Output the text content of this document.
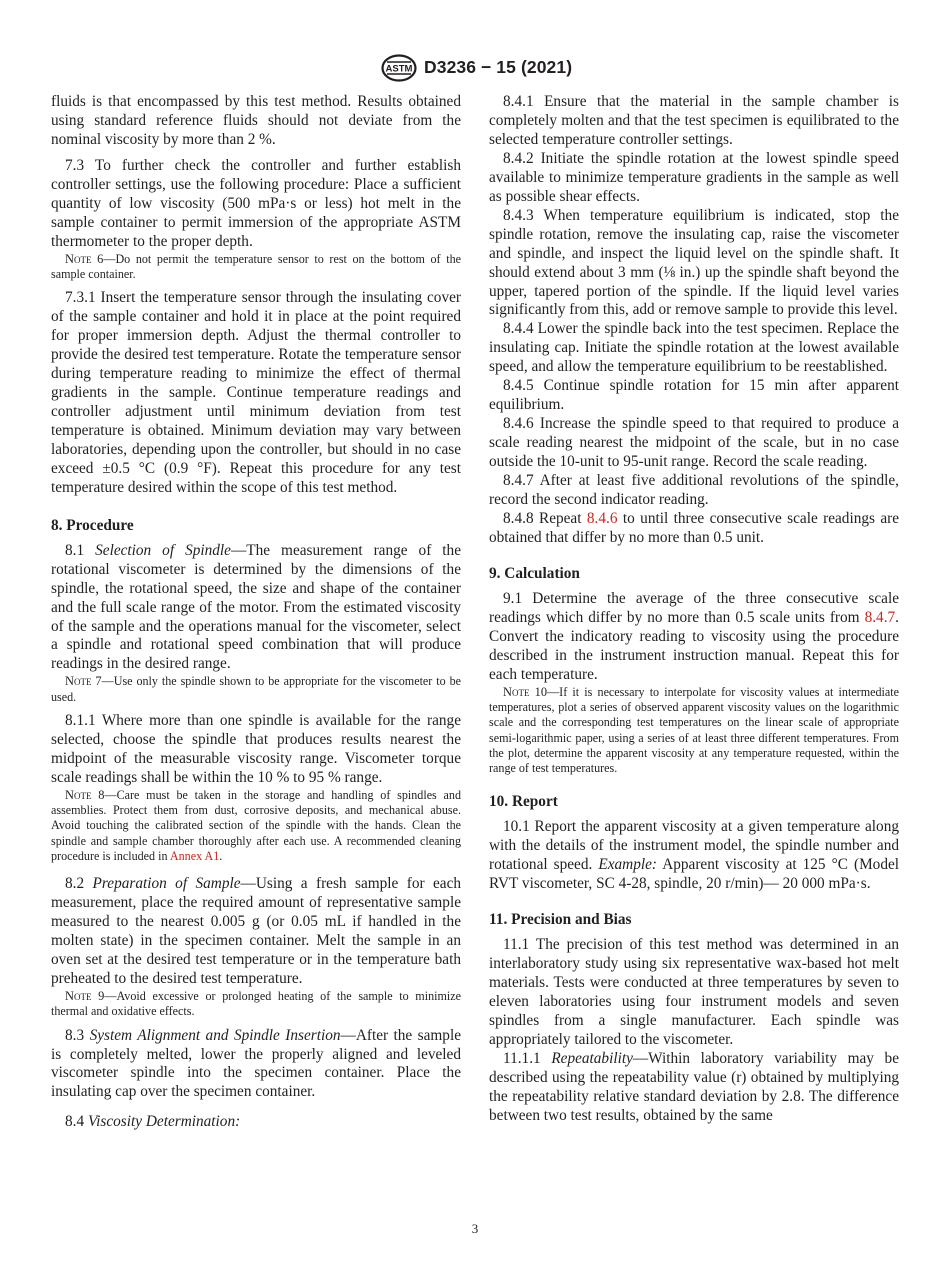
ASTM D3236 − 15 (2021)

fluids is that encompassed by this test method. Results obtained using standard reference fluids should not deviate from the nominal viscosity by more than 2 %.

7.3 To further check the controller and further establish controller settings, use the following procedure: Place a sufficient quantity of low viscosity (500 mPa·s or less) hot melt in the sample container to permit immersion of the appropriate ASTM thermometer to the proper depth.

Note 6—Do not permit the temperature sensor to rest on the bottom of the sample container.

7.3.1 Insert the temperature sensor through the insulating cover of the sample container and hold it in place at the point required for proper immersion depth. Adjust the thermal controller to provide the desired test temperature. Rotate the temperature sensor during temperature reading to minimize the effect of thermal gradients in the sample. Continue temperature readings and controller adjustment until minimum deviation from test temperature is obtained. Minimum deviation may vary between laboratories, depending upon the controller, but should in no case exceed ±0.5 °C (0.9 °F). Repeat this procedure for any test temperature desired within the scope of this test method.

8. Procedure

8.1 Selection of Spindle—The measurement range of the rotational viscometer is determined by the dimensions of the spindle, the rotational speed, the size and shape of the container and the full scale range of the motor. From the estimated viscosity of the sample and the operations manual for the viscometer, select a spindle and rotational speed combination that will produce readings in the desired range.

Note 7—Use only the spindle shown to be appropriate for the viscometer to be used.

8.1.1 Where more than one spindle is available for the range selected, choose the spindle that produces results nearest the midpoint of the measurable viscosity range. Viscometer torque scale readings shall be within the 10 % to 95 % range.

Note 8—Care must be taken in the storage and handling of spindles and assemblies. Protect them from dust, corrosive deposits, and mechanical abuse. Avoid touching the calibrated section of the spindle with the hands. Clean the spindle and sample chamber thoroughly after each use. A recommended cleaning procedure is included in Annex A1.

8.2 Preparation of Sample—Using a fresh sample for each measurement, place the required amount of representative sample measured to the nearest 0.005 g (or 0.05 mL if handled in the molten state) in the specimen container. Melt the sample in an oven set at the desired test temperature or in the temperature bath preheated to the desired test temperature.

Note 9—Avoid excessive or prolonged heating of the sample to minimize thermal and oxidative effects.

8.3 System Alignment and Spindle Insertion—After the sample is completely melted, lower the properly aligned and leveled viscometer spindle into the specimen container. Place the insulating cap over the specimen container.

8.4 Viscosity Determination:

8.4.1 Ensure that the material in the sample chamber is completely molten and that the test specimen is equilibrated to the selected temperature controller settings.

8.4.2 Initiate the spindle rotation at the lowest spindle speed available to minimize temperature gradients in the sample as well as possible shear effects.

8.4.3 When temperature equilibrium is indicated, stop the spindle rotation, remove the insulating cap, raise the viscometer and spindle, and inspect the liquid level on the spindle shaft. It should extend about 3 mm (⅛ in.) up the spindle shaft beyond the upper, tapered portion of the spindle. If the liquid level varies significantly from this, add or remove sample to provide this level.

8.4.4 Lower the spindle back into the test specimen. Replace the insulating cap. Initiate the spindle rotation at the lowest available speed, and allow the temperature equilibrium to be reestablished.

8.4.5 Continue spindle rotation for 15 min after apparent equilibrium.

8.4.6 Increase the spindle speed to that required to produce a scale reading nearest the midpoint of the scale, but in no case outside the 10-unit to 95-unit range. Record the scale reading.

8.4.7 After at least five additional revolutions of the spindle, record the second indicator reading.

8.4.8 Repeat 8.4.6 to until three consecutive scale readings are obtained that differ by no more than 0.5 unit.

9. Calculation

9.1 Determine the average of the three consecutive scale readings which differ by no more than 0.5 scale units from 8.4.7. Convert the indicatory reading to viscosity using the procedure described in the instrument instruction manual. Repeat this for each temperature.

Note 10—If it is necessary to interpolate for viscosity values at intermediate temperatures, plot a series of observed apparent viscosity values on the logarithmic scale and the corresponding test temperatures on the linear scale of appropriate semi-logarithmic paper, using a series of at least three different temperatures. From the plot, determine the apparent viscosity at any temperature requested, within the range of test temperatures.

10. Report

10.1 Report the apparent viscosity at a given temperature along with the details of the instrument model, the spindle number and rotational speed. Example: Apparent viscosity at 125 °C (Model RVT viscometer, SC 4-28, spindle, 20 r/min)— 20 000 mPa·s.

11. Precision and Bias

11.1 The precision of this test method was determined in an interlaboratory study using six representative wax-based hot melt materials. Tests were conducted at three temperatures by seven to eleven laboratories using four instrument models and seven spindles from a single manufacturer. Each spindle was appropriately tailored to the viscometer.

11.1.1 Repeatability—Within laboratory variability may be described using the repeatability value (r) obtained by multiplying the repeatability relative standard deviation by 2.8. The difference between two test results, obtained by the same

3
